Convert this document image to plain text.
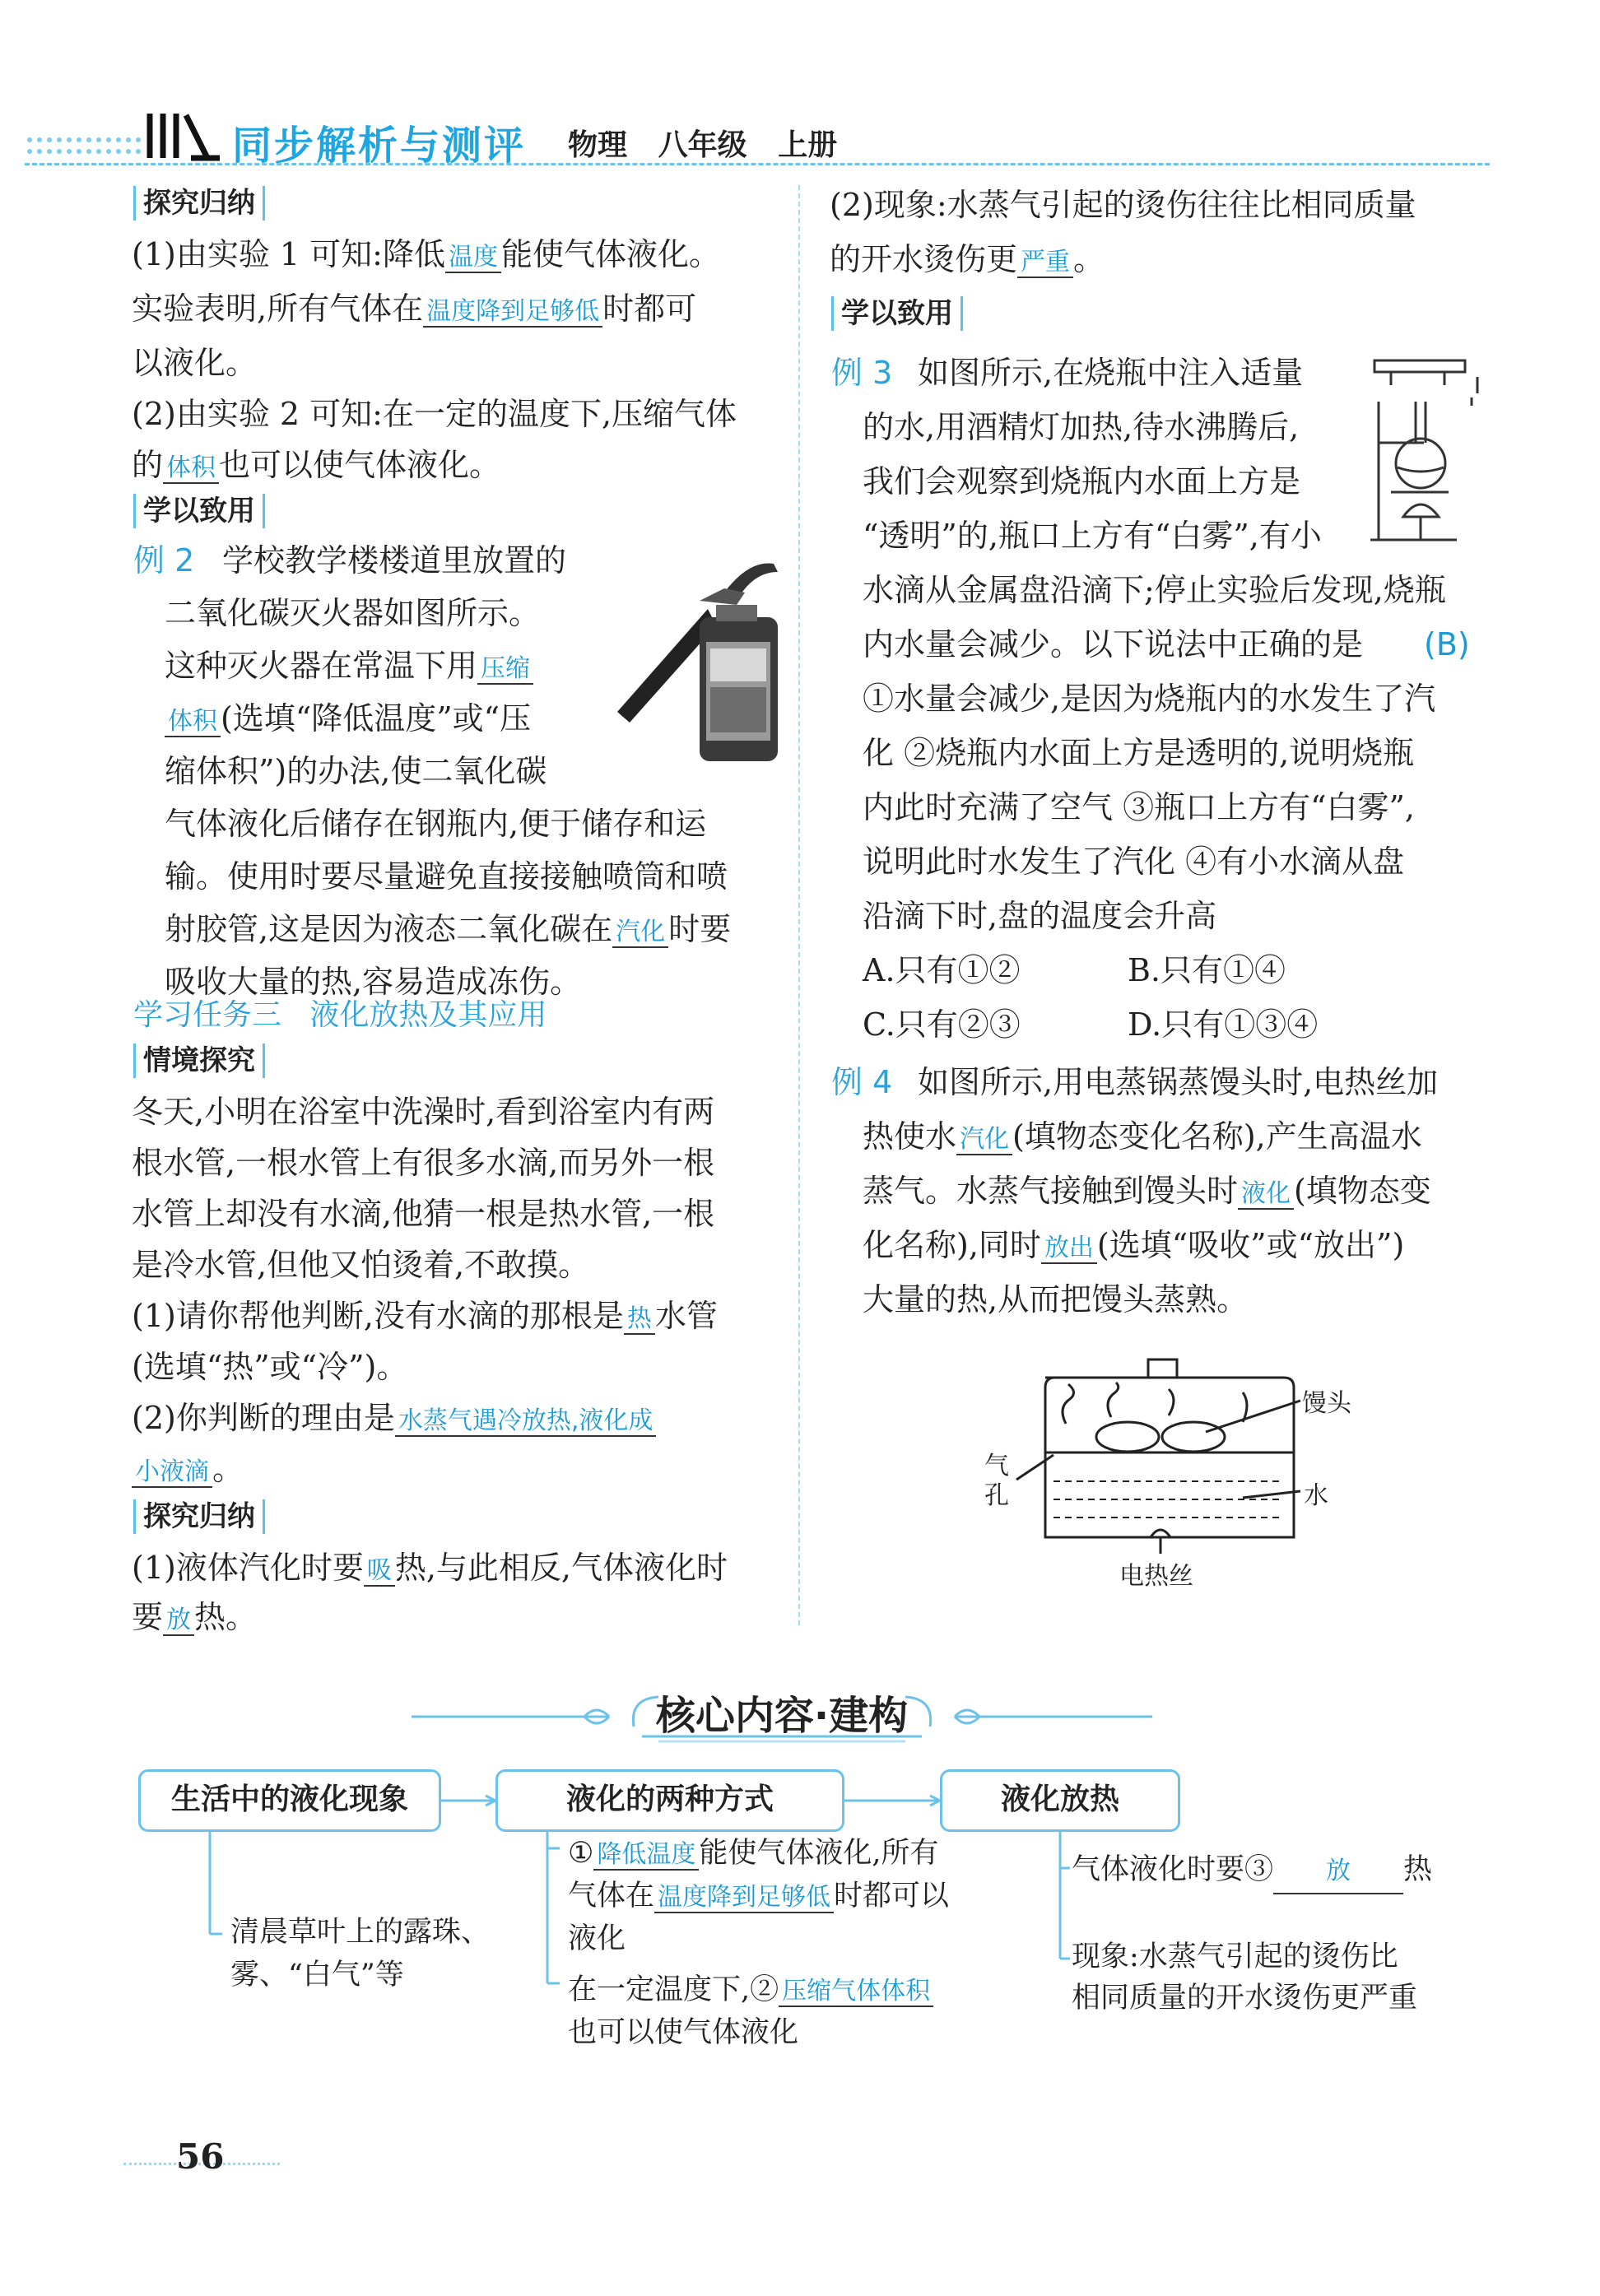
同步解析与测评 物理 八年级 上册
探究归纳
(1)由实验 1 可知:降低 温度 能使气体液化。
实验表明,所有气体在 温度降到足够低 时都可
以液化。
(2)由实验 2 可知:在一定的温度下,压缩气体
的 体积 也可以使气体液化。
学以致用
例 2 学校教学楼楼道里放置的
二氧化碳灭火器如图所示。
这种灭火器在常温下用 压缩
体积 (选填“降低温度”或“压
缩体积”)的办法,使二氧化碳
气体液化后储存在钢瓶内,便于储存和运
输。使用时要尽量避免直接接触喷筒和喷
射胶管,这是因为液态二氧化碳在 汽化 时要
吸收大量的热,容易造成冻伤。
学习任务三 液化放热及其应用
情境探究
冬天,小明在浴室中洗澡时,看到浴室内有两
根水管,一根水管上有很多水滴,而另外一根
水管上却没有水滴,他猜一根是热水管,一根
是冷水管,但他又怕烫着,不敢摸。
(1)请你帮他判断,没有水滴的那根是 热 水管
(选填“热”或“冷”)。
(2)你判断的理由是 水蒸气遇冷放热,液化成
小液滴 。
探究归纳
(1)液体汽化时要 吸 热,与此相反,气体液化时
要 放 热。
(2)现象:水蒸气引起的烫伤往往比相同质量
的开水烫伤更 严重 。
学以致用
例 3 如图所示,在烧瓶中注入适量
的水,用酒精灯加热,待水沸腾后,
我们会观察到烧瓶内水面上方是
“透明”的,瓶口上方有“白雾”,有小
水滴从金属盘沿滴下;停止实验后发现,烧瓶
内水量会减少。以下说法中正确的是 (B)
①水量会减少,是因为烧瓶内的水发生了汽
化 ②烧瓶内水面上方是透明的,说明烧瓶
内此时充满了空气 ③瓶口上方有“白雾”,
说明此时水发生了汽化 ④有小水滴从盘
沿滴下时,盘的温度会升高
A.只有①②	B.只有①④
C.只有②③	D.只有①③④
例 4 如图所示,用电蒸锅蒸馒头时,电热丝加
热使水 汽化 (填物态变化名称),产生高温水
蒸气。水蒸气接触到馒头时 液化 (填物态变
化名称),同时 放出 (选填“吸收”或“放出”)
大量的热,从而把馒头蒸熟。
馒头
水
气
孔
电热丝
核心内容·建构
生活中的液化现象	液化的两种方式	液化放热
清晨草叶上的露珠、
雾、“白气”等
① 降低温度 能使气体液化,所有
气体在 温度降到足够低 时都可以
液化
在一定温度下,② 压缩气体体积
也可以使气体液化
气体液化时要③ 放 热
现象:水蒸气引起的烫伤比
相同质量的开水烫伤更严重
56
